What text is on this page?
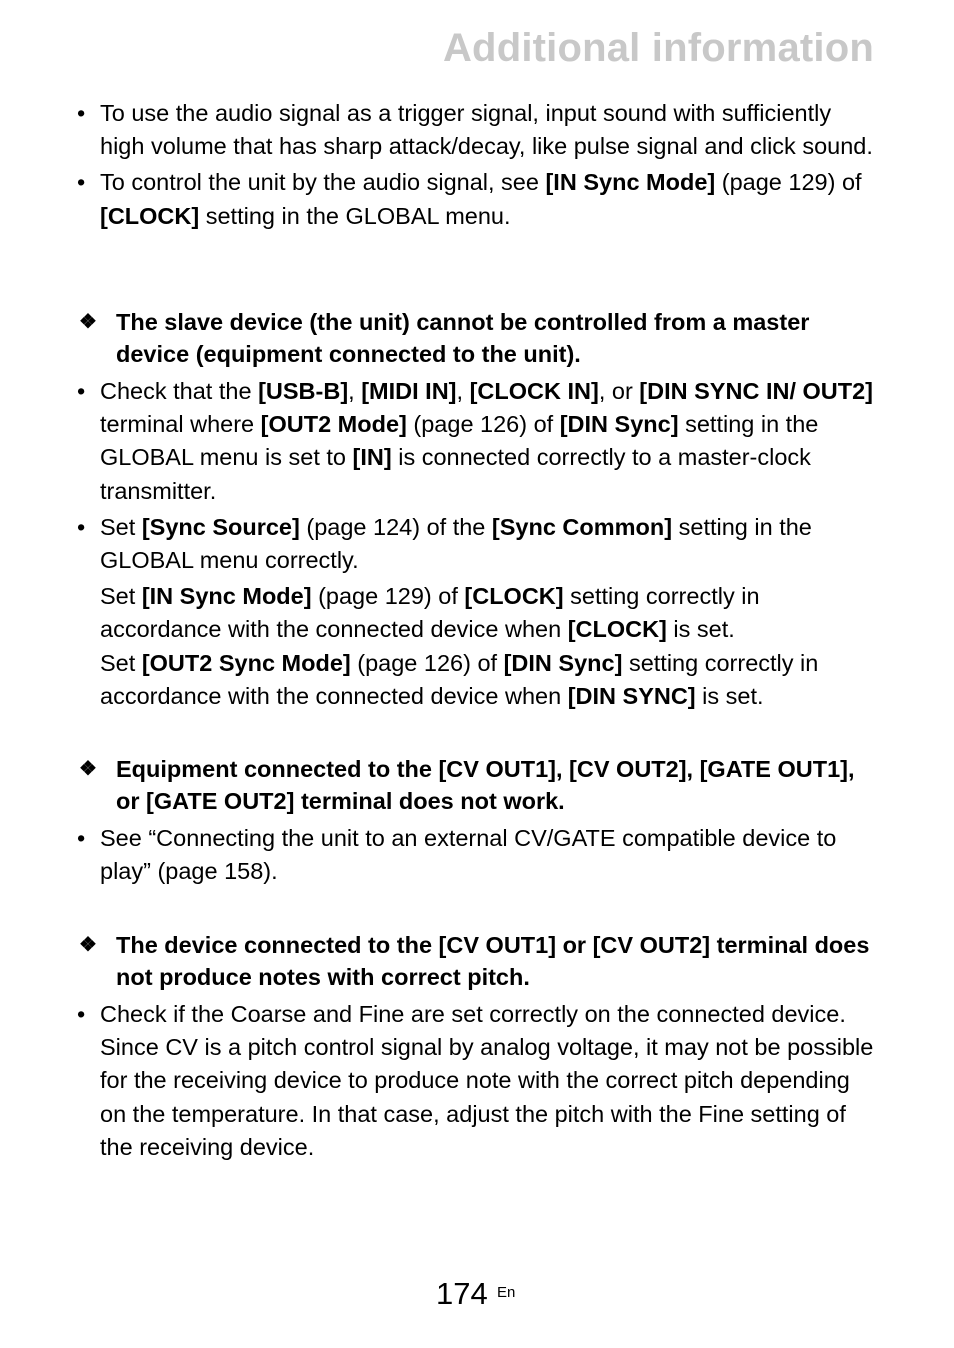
Additional information
• To use the audio signal as a trigger signal, input sound with sufficiently high volume that has sharp attack/decay, like pulse signal and click sound.
• To control the unit by the audio signal, see [IN Sync Mode] (page 129) of [CLOCK] setting in the GLOBAL menu.
❖ The slave device (the unit) cannot be controlled from a master device (equipment connected to the unit).
• Check that the [USB-B], [MIDI IN], [CLOCK IN], or [DIN SYNC IN/ OUT2] terminal where [OUT2 Mode] (page 126) of [DIN Sync] setting in the GLOBAL menu is set to [IN] is connected correctly to a master-clock transmitter.
• Set [Sync Source] (page 124) of the [Sync Common] setting in the GLOBAL menu correctly.
Set [IN Sync Mode] (page 129) of [CLOCK] setting correctly in accordance with the connected device when [CLOCK] is set.
Set [OUT2 Sync Mode] (page 126) of [DIN Sync] setting correctly in accordance with the connected device when [DIN SYNC] is set.
❖ Equipment connected to the [CV OUT1], [CV OUT2], [GATE OUT1], or [GATE OUT2] terminal does not work.
• See “Connecting the unit to an external CV/GATE compatible device to play” (page 158).
❖ The device connected to the [CV OUT1] or [CV OUT2] terminal does not produce notes with correct pitch.
• Check if the Coarse and Fine are set correctly on the connected device. Since CV is a pitch control signal by analog voltage, it may not be possible for the receiving device to produce note with the correct pitch depending on the temperature. In that case, adjust the pitch with the Fine setting of the receiving device.
174 En
